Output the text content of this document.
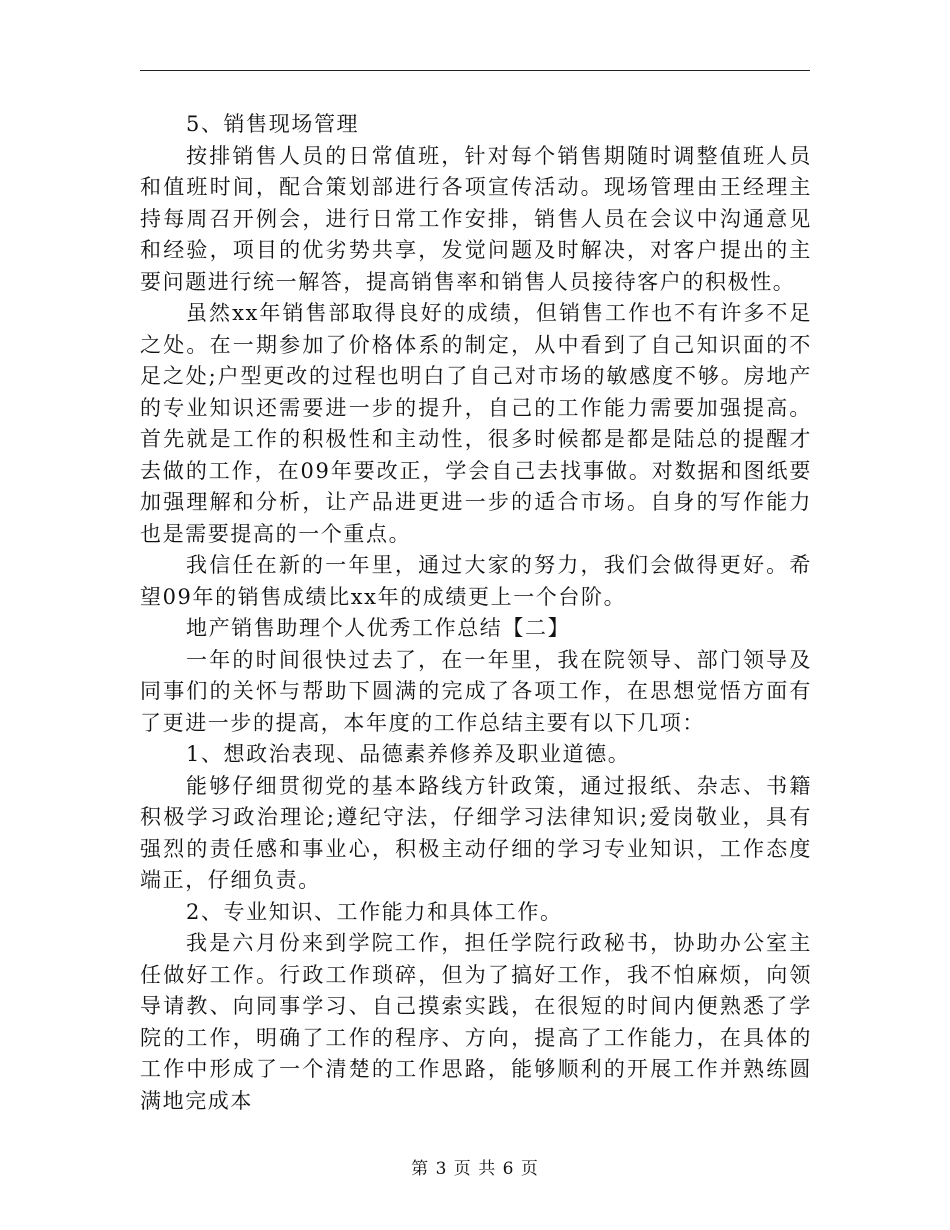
5、销售现场管理

按排销售人员的日常值班，针对每个销售期随时调整值班人员和值班时间，配合策划部进行各项宣传活动。现场管理由王经理主持每周召开例会，进行日常工作安排，销售人员在会议中沟通意见和经验，项目的优劣势共享，发觉问题及时解决，对客户提出的主要问题进行统一解答，提高销售率和销售人员接待客户的积极性。

虽然xx年销售部取得良好的成绩，但销售工作也不有许多不足之处。在一期参加了价格体系的制定，从中看到了自己知识面的不足之处;户型更改的过程也明白了自己对市场的敏感度不够。房地产的专业知识还需要进一步的提升，自己的工作能力需要加强提高。首先就是工作的积极性和主动性，很多时候都是都是陆总的提醒才去做的工作，在09年要改正，学会自己去找事做。对数据和图纸要加强理解和分析，让产品进更进一步的适合市场。自身的写作能力也是需要提高的一个重点。

我信任在新的一年里，通过大家的努力，我们会做得更好。希望09年的销售成绩比xx年的成绩更上一个台阶。

地产销售助理个人优秀工作总结【二】

一年的时间很快过去了，在一年里，我在院领导、部门领导及同事们的关怀与帮助下圆满的完成了各项工作，在思想觉悟方面有了更进一步的提高，本年度的工作总结主要有以下几项：

1、想政治表现、品德素养修养及职业道德。

能够仔细贯彻党的基本路线方针政策，通过报纸、杂志、书籍积极学习政治理论;遵纪守法，仔细学习法律知识;爱岗敬业，具有强烈的责任感和事业心，积极主动仔细的学习专业知识，工作态度端正，仔细负责。

2、专业知识、工作能力和具体工作。

我是六月份来到学院工作，担任学院行政秘书，协助办公室主任做好工作。行政工作琐碎，但为了搞好工作，我不怕麻烦，向领导请教、向同事学习、自己摸索实践，在很短的时间内便熟悉了学院的工作，明确了工作的程序、方向，提高了工作能力，在具体的工作中形成了一个清楚的工作思路，能够顺利的开展工作并熟练圆满地完成本

第 3 页 共 6 页
